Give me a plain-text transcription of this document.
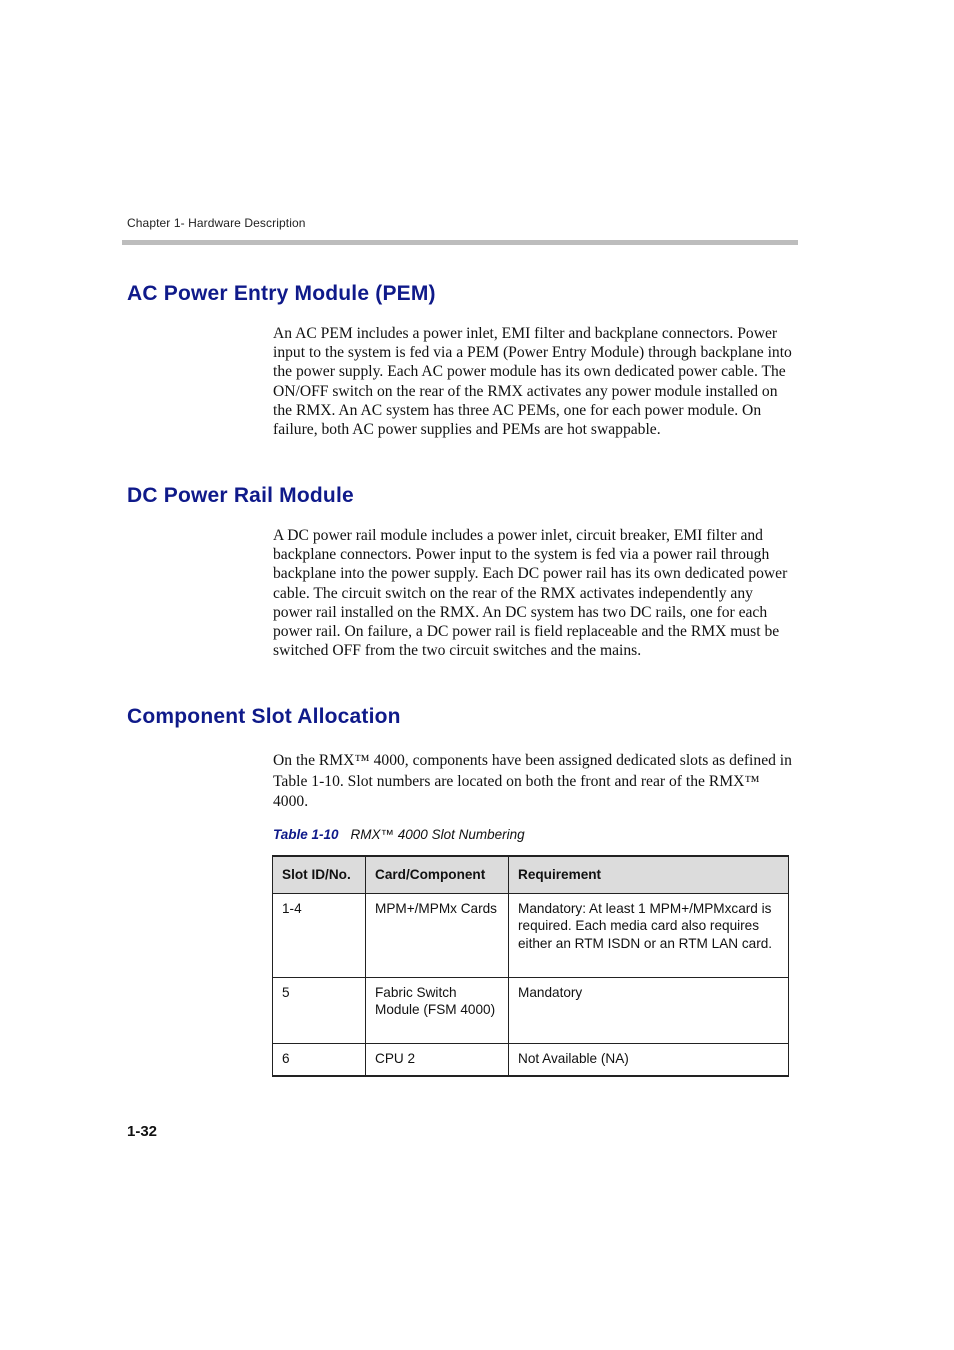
Chapter 1- Hardware Description
AC Power Entry Module (PEM)

An AC PEM includes a power inlet, EMI filter and backplane connectors. Power input to the system is fed via a PEM (Power Entry Module) through backplane into the power supply. Each AC power module has its own dedicated power cable. The ON/OFF switch on the rear of the RMX activates any power module installed on the RMX. An AC system has three AC PEMs, one for each power module. On failure, both AC power supplies and PEMs are hot swappable.

DC Power Rail Module

A DC power rail module includes a power inlet, circuit breaker, EMI filter and backplane connectors. Power input to the system is fed via a power rail through backplane into the power supply. Each DC power rail has its own dedicated power cable. The circuit switch on the rear of the RMX activates independently any power rail installed on the RMX. An DC system has two DC rails, one for each power rail. On failure, a DC power rail is field replaceable and the RMX must be switched OFF from the two circuit switches and the mains.

Component Slot Allocation

On the RMX™ 4000, components have been assigned dedicated slots as defined in Table 1-10. Slot numbers are located on both the front and rear of the RMX™ 4000.

Table 1-10 RMX™ 4000 Slot Numbering
Slot ID/No.	Card/Component	Requirement
1-4	MPM+/MPMx Cards	Mandatory: At least 1 MPM+/MPMxcard is required. Each media card also requires either an RTM ISDN or an RTM LAN card.
5	Fabric Switch Module (FSM 4000)	Mandatory
6	CPU 2	Not Available (NA)
1-32
